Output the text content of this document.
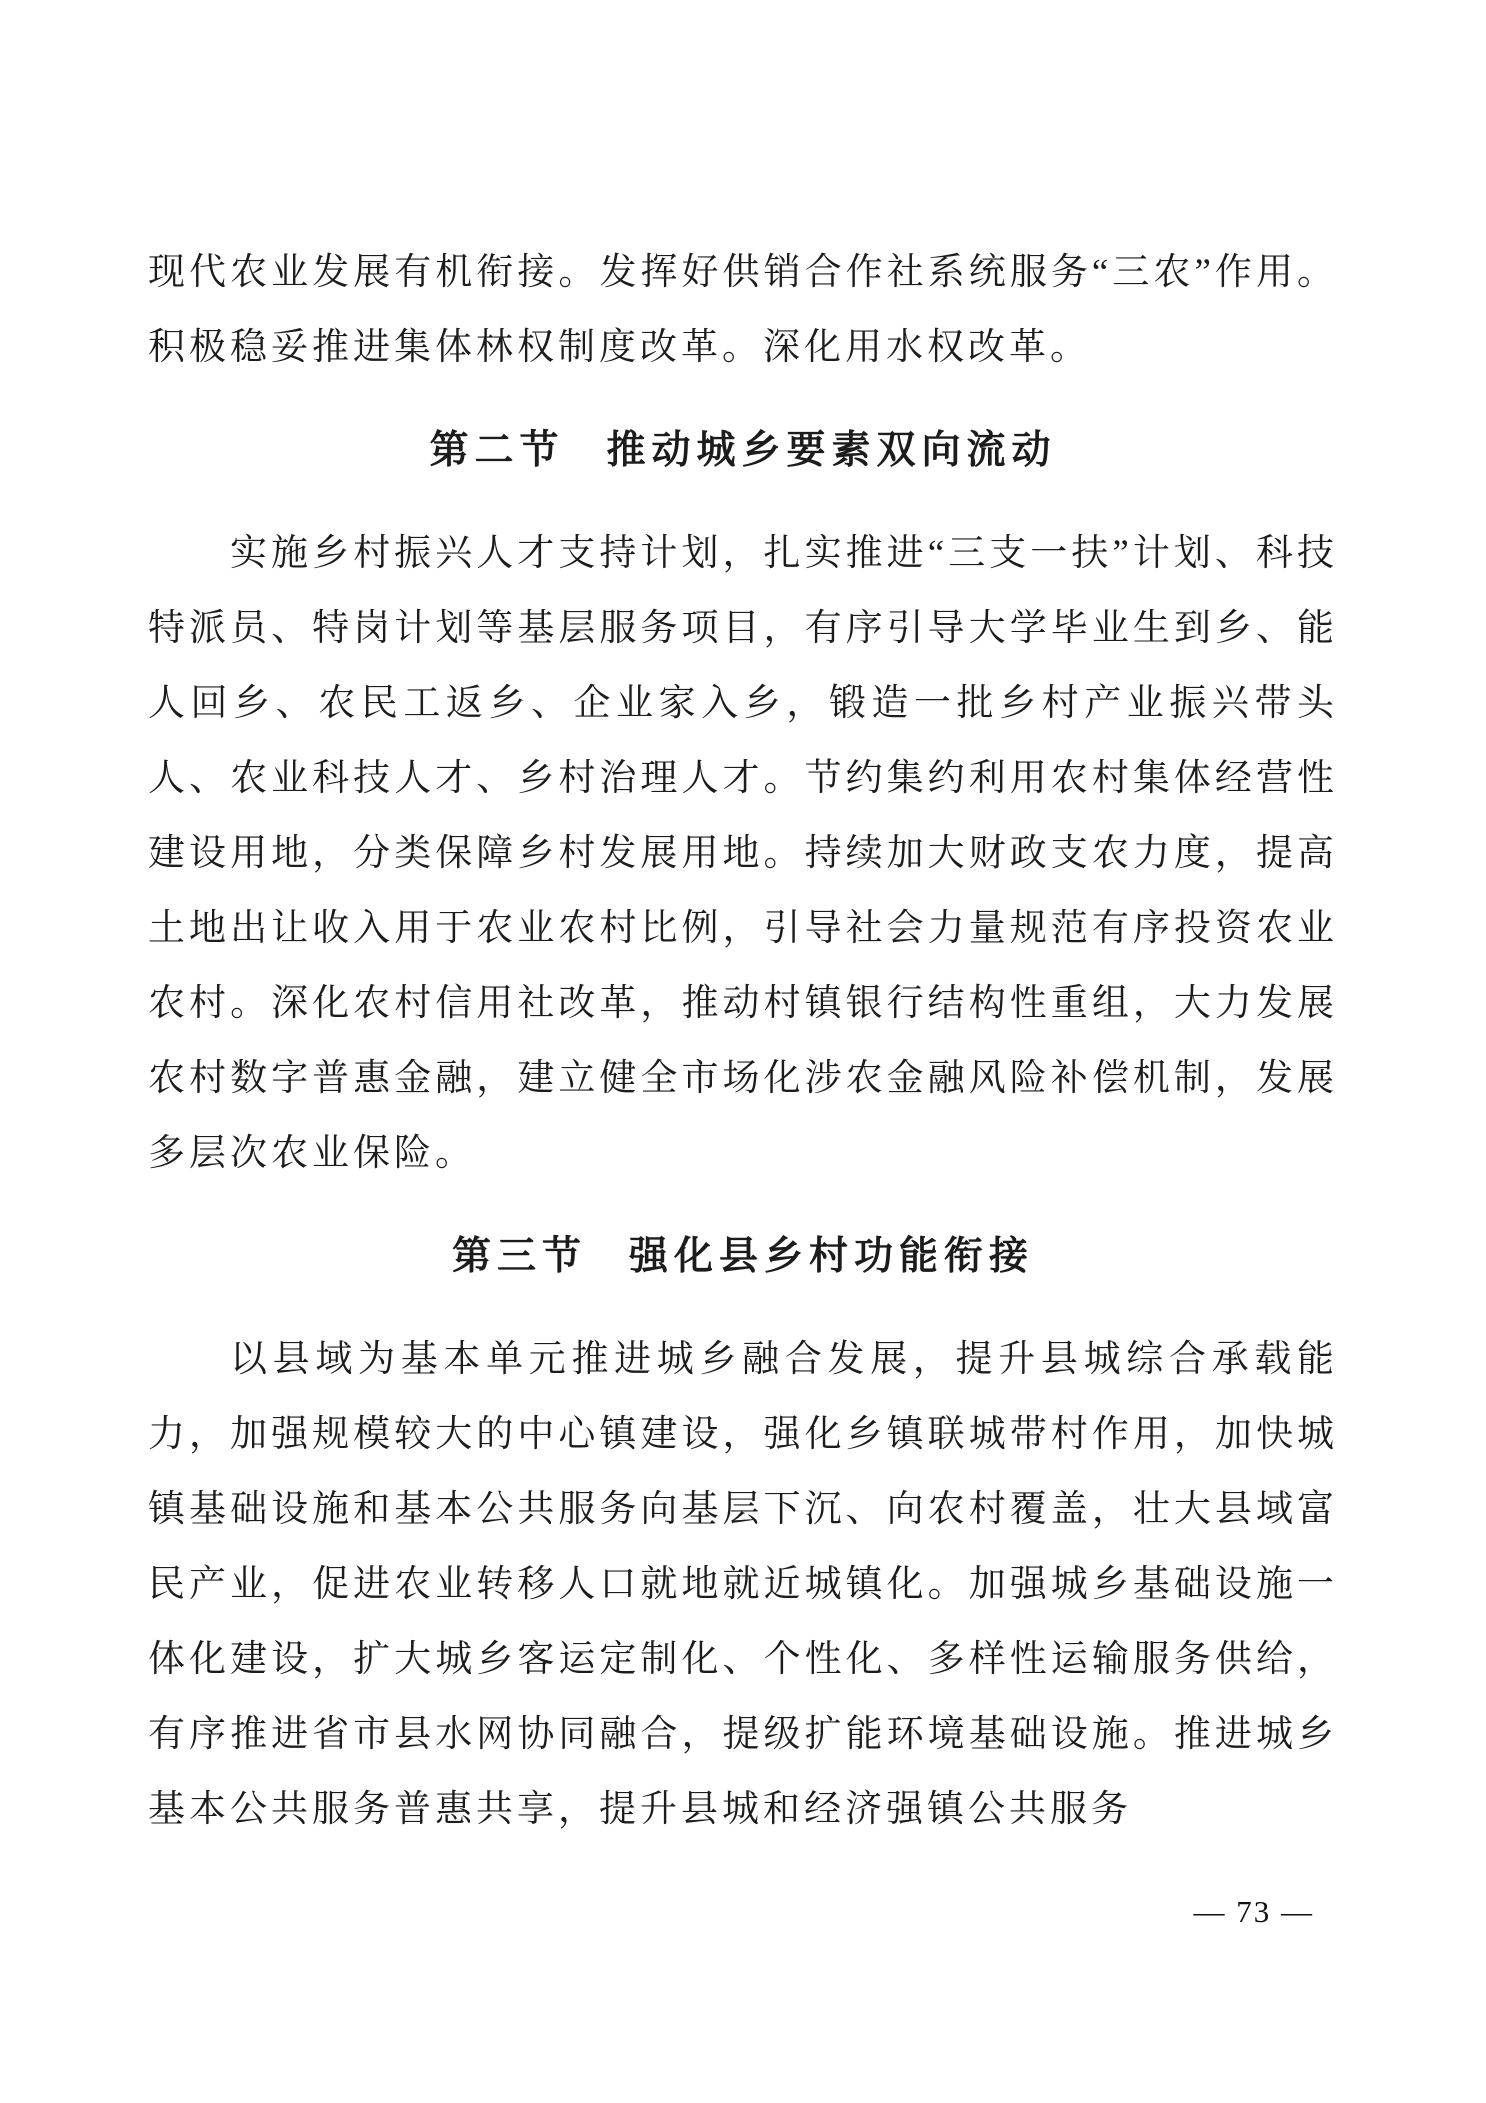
现代农业发展有机衔接。发挥好供销合作社系统服务“三农”作用。积极稳妥推进集体林权制度改革。深化用水权改革。

第二节 推动城乡要素双向流动

实施乡村振兴人才支持计划，扎实推进“三支一扶”计划、科技特派员、特岗计划等基层服务项目，有序引导大学毕业生到乡、能人回乡、农民工返乡、企业家入乡，锻造一批乡村产业振兴带头人、农业科技人才、乡村治理人才。节约集约利用农村集体经营性建设用地，分类保障乡村发展用地。持续加大财政支农力度，提高土地出让收入用于农业农村比例，引导社会力量规范有序投资农业农村。深化农村信用社改革，推动村镇银行结构性重组，大力发展农村数字普惠金融，建立健全市场化涉农金融风险补偿机制，发展多层次农业保险。

第三节 强化县乡村功能衔接

以县域为基本单元推进城乡融合发展，提升县城综合承载能力，加强规模较大的中心镇建设，强化乡镇联城带村作用，加快城镇基础设施和基本公共服务向基层下沉、向农村覆盖，壮大县域富民产业，促进农业转移人口就地就近城镇化。加强城乡基础设施一体化建设，扩大城乡客运定制化、个性化、多样性运输服务供给，有序推进省市县水网协同融合，提级扩能环境基础设施。推进城乡基本公共服务普惠共享，提升县城和经济强镇公共服务

— 73 —
